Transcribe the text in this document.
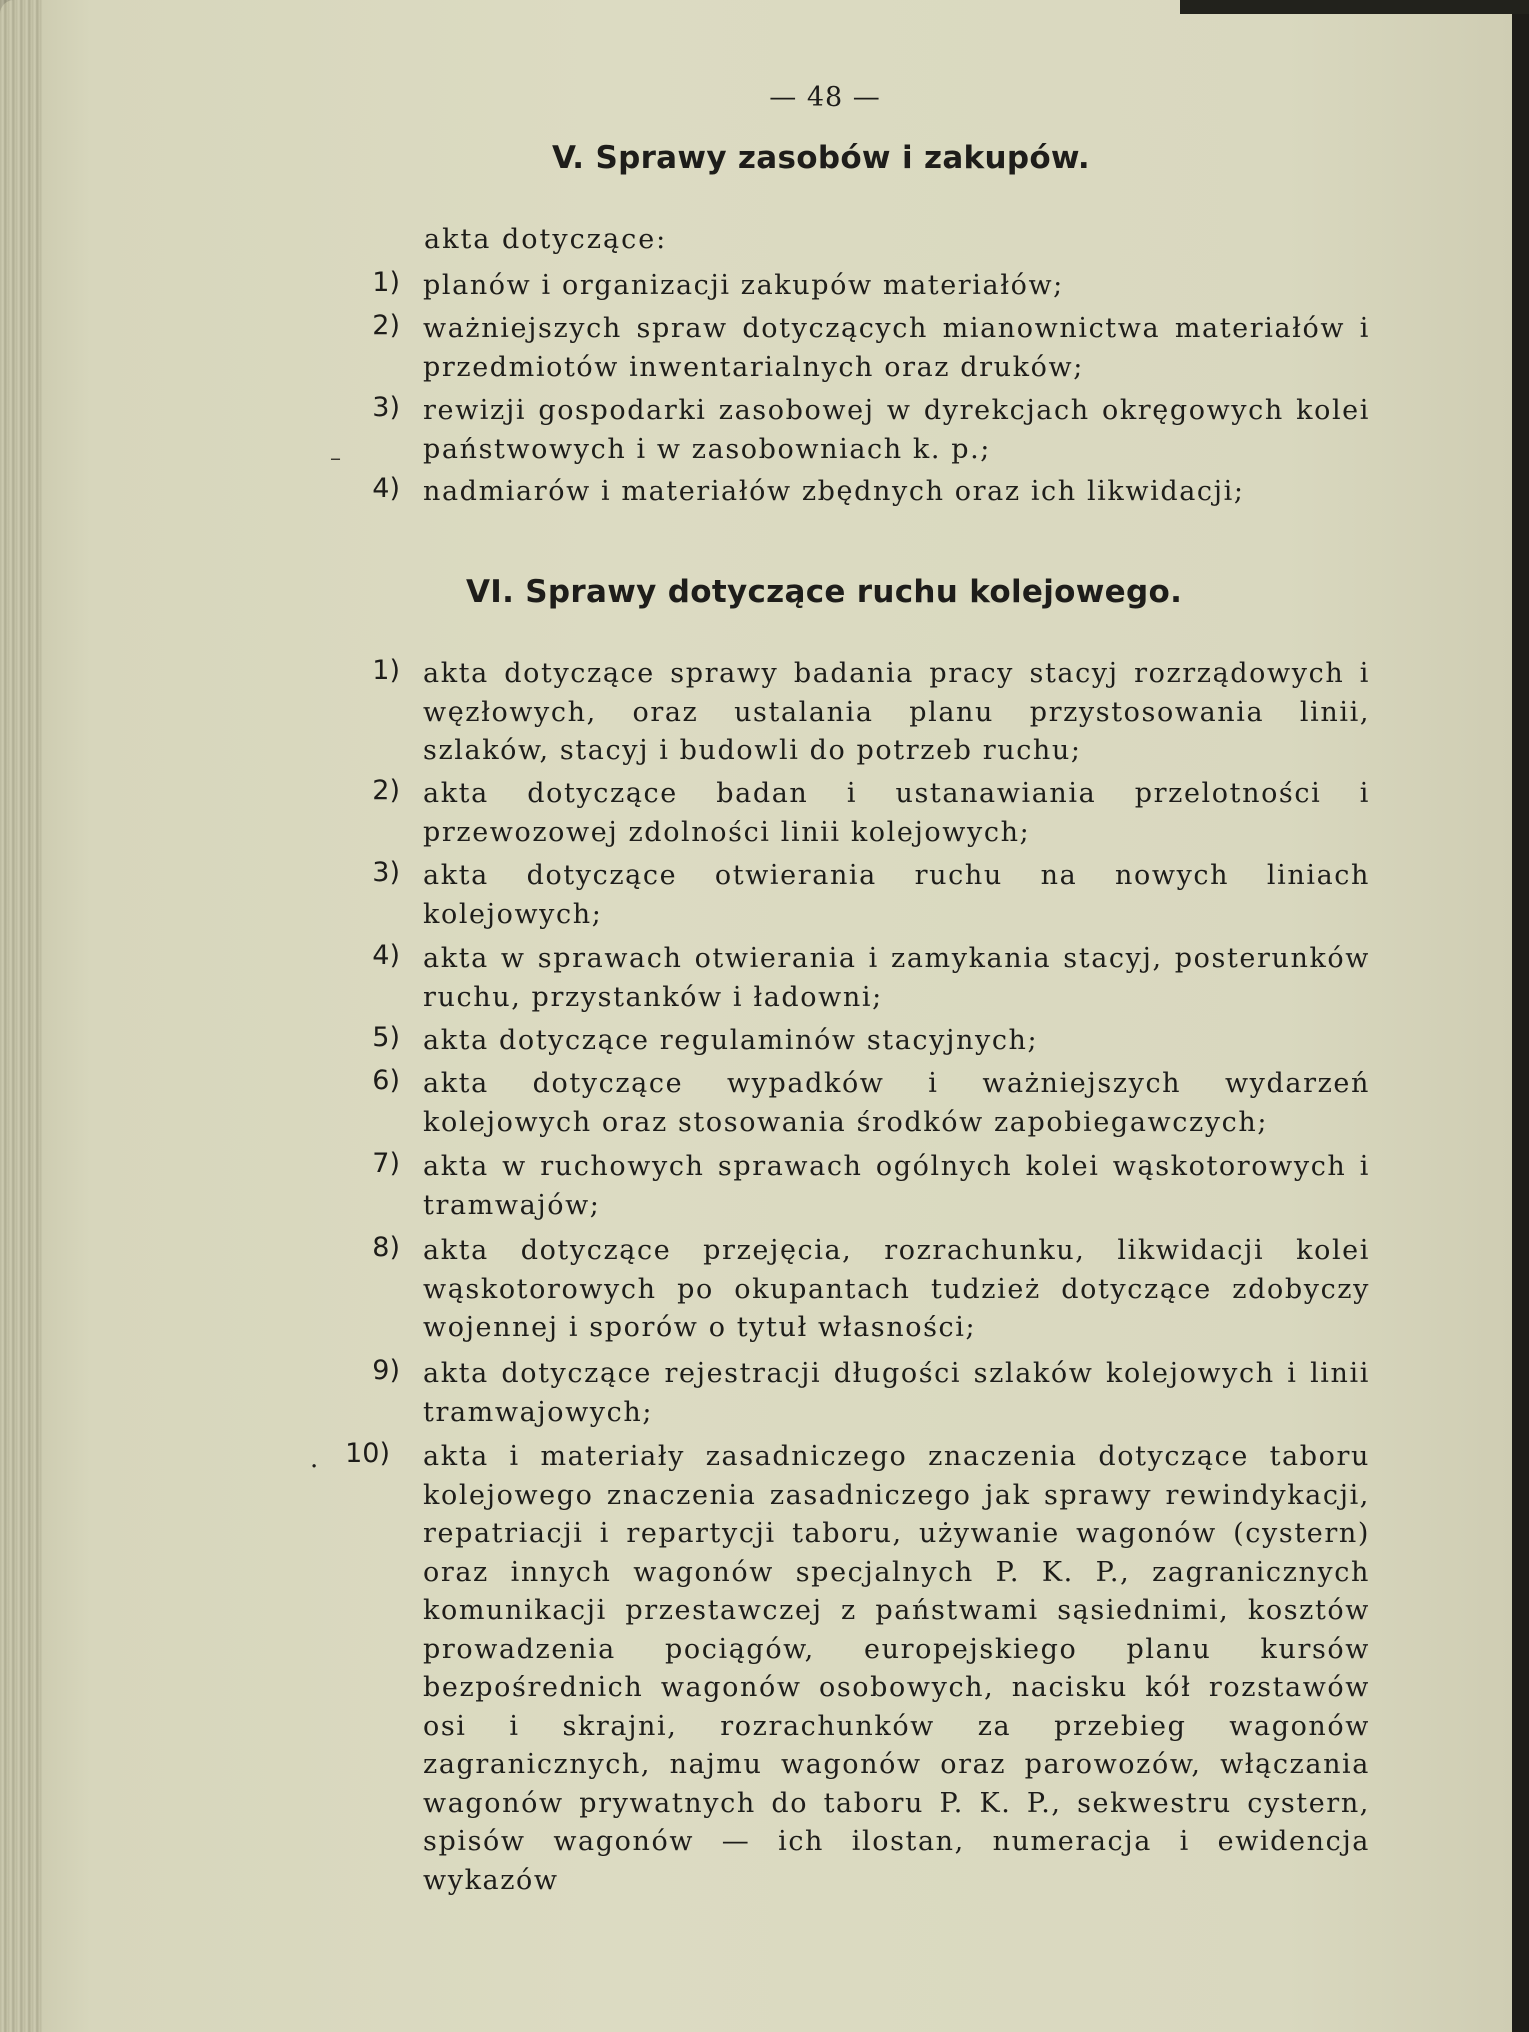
— 48 —
V. Sprawy zasobów i zakupów.
akta dotyczące:
1) planów i organizacji zakupów materiałów;
2) ważniejszych spraw dotyczących mianownictwa materiałów i przedmiotów inwentarialnych oraz druków;
3) rewizji gospodarki zasobowej w dyrekcjach okręgowych kolei państwowych i w zasobowniach k. p.;
4) nadmiarów i materiałów zbędnych oraz ich likwidacji;
–
VI. Sprawy dotyczące ruchu kolejowego.
1) akta dotyczące sprawy badania pracy stacyj rozrządowych i węzłowych, oraz ustalania planu przystosowania linii, szlaków, stacyj i budowli do potrzeb ruchu;
2) akta dotyczące badan i ustanawiania przelotności i przewozowej zdolności linii kolejowych;
3) akta dotyczące otwierania ruchu na nowych liniach kolejowych;
4) akta w sprawach otwierania i zamykania stacyj, posterunków ruchu, przystanków i ładowni;
5) akta dotyczące regulaminów stacyjnych;
6) akta dotyczące wypadków i ważniejszych wydarzeń kolejowych oraz stosowania środków zapobiegawczych;
7) akta w ruchowych sprawach ogólnych kolei wąskotorowych i tramwajów;
8) akta dotyczące przejęcia, rozrachunku, likwidacji kolei wąskotorowych po okupantach tudzież dotyczące zdobyczy wojennej i sporów o tytuł własności;
9) akta dotyczące rejestracji długości szlaków kolejowych i linii tramwajowych;
· 10) akta i materiały zasadniczego znaczenia dotyczące taboru kolejowego znaczenia zasadniczego jak sprawy rewindykacji, repatriacji i repartycji taboru, używanie wagonów (cystern) oraz innych wagonów specjalnych P. K. P., zagranicznych komunikacji przestawczej z państwami sąsiednimi, kosztów prowadzenia pociągów, europejskiego planu kursów bezpośrednich wagonów osobowych, nacisku kół rozstawów osi i skrajni, rozrachunków za przebieg wagonów zagranicznych, najmu wagonów oraz parowozów, włączania wagonów prywatnych do taboru P. K. P., sekwestru cystern, spisów wagonów — ich ilostan, numeracja i ewidencja wykazów
